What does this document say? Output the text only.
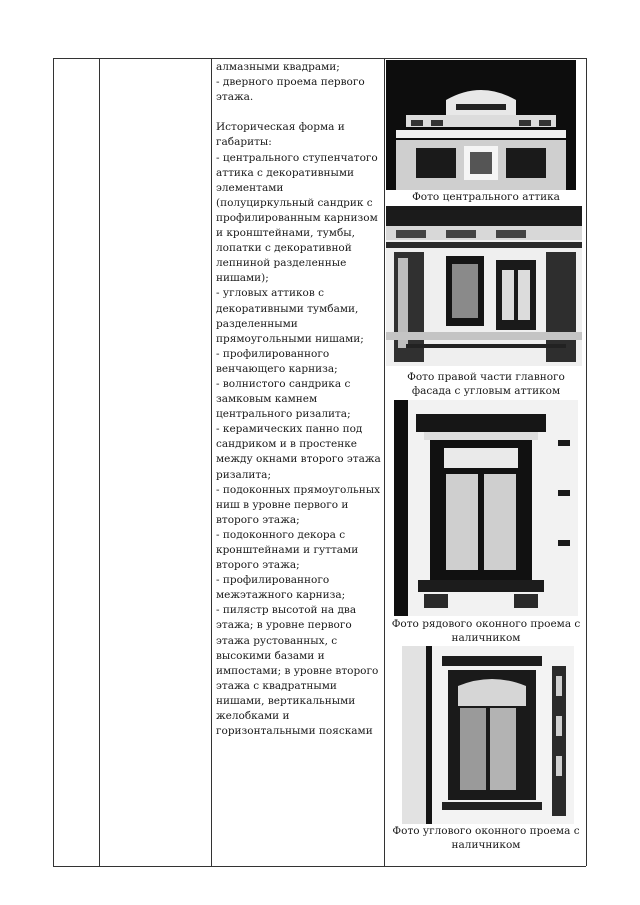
алмазными квадрами;
- дверного проема первого этажа.

Историческая форма и габариты:
- центрального ступенчатого аттика с декоративными элементами
(полуциркульный сандрик с профилированным карнизом и кронштейнами, тумбы, лопатки с декоративной лепниной разделенные нишами);
- угловых аттиков с декоративными тумбами, разделенными прямоугольными нишами;
- профилированного венчающего карниза;
- волнистого сандрика с замковым камнем центрального ризалита;
- керамических панно под сандриком и в простенке между окнами второго этажа ризалита;
- подоконных прямоугольных ниш в уровне первого и второго этажа;
- подоконного декора с кронштейнами и гуттами второго этажа;
- профилированного межэтажного карниза;
- пилястр высотой на два этажа; в уровне первого этажа рустованных, с высокими базами и импостами; в уровне второго этажа с квадратными нишами, вертикальными желобками и горизонтальными поясками
Фото центрального аттика
Фото правой части главного фасада с угловым аттиком
Фото рядового оконного проема с наличником
Фото углового оконного проема с наличником
